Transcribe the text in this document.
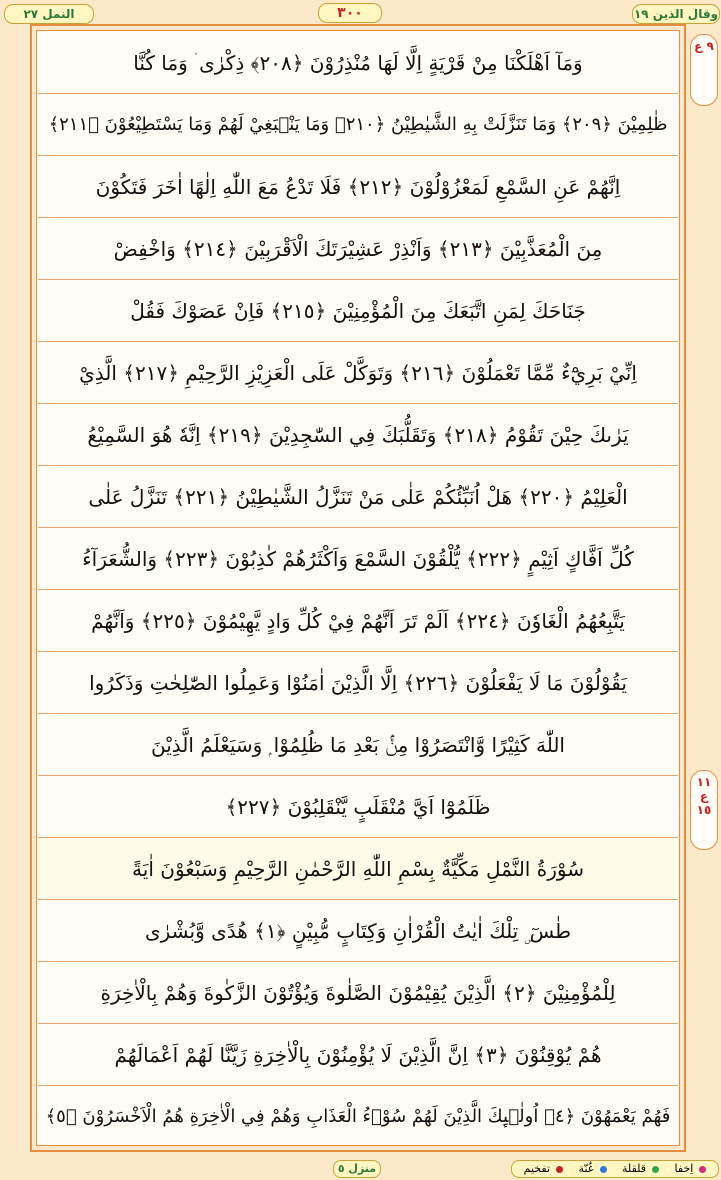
النمل ٢٧	٣٠٠	وقال الذين ١٩
٩ ع
١١ ع ١٥
وَمَآ اَهْلَكْنَا مِنْ قَرْيَةٍ اِلَّا لَهَا مُنْذِرُوْنَ ﴿٢٠٨﴾ ذِكْرٰى ۛ وَمَا كُنَّا
ظٰلِمِيْنَ ﴿٢٠٩﴾ وَمَا تَنَزَّلَتْ بِهِ الشَّيٰطِيْنُ ﴿٢١٠﴾ وَمَا يَنْۢبَغِيْ لَهُمْ وَمَا يَسْتَطِيْعُوْنَ ﴿٢١١﴾
اِنَّهُمْ عَنِ السَّمْعِ لَمَعْزُوْلُوْنَ ﴿٢١٢﴾ فَلَا تَدْعُ مَعَ اللّٰهِ اِلٰهًا اٰخَرَ فَتَكُوْنَ
مِنَ الْمُعَذَّبِيْنَ ﴿٢١٣﴾ وَاَنْذِرْ عَشِيْرَتَكَ الْاَقْرَبِيْنَ ﴿٢١٤﴾ وَاخْفِضْ
جَنَاحَكَ لِمَنِ اتَّبَعَكَ مِنَ الْمُؤْمِنِيْنَ ﴿٢١٥﴾ فَاِنْ عَصَوْكَ فَقُلْ
اِنِّيْ بَرِيْٓءٌ مِّمَّا تَعْمَلُوْنَ ﴿٢١٦﴾ وَتَوَكَّلْ عَلَى الْعَزِيْزِ الرَّحِيْمِ ﴿٢١٧﴾ الَّذِيْ
يَرٰىكَ حِيْنَ تَقُوْمُ ﴿٢١٨﴾ وَتَقَلُّبَكَ فِي السّٰجِدِيْنَ ﴿٢١٩﴾ اِنَّهٗ هُوَ السَّمِيْعُ
الْعَلِيْمُ ﴿٢٢٠﴾ هَلْ اُنَبِّئُكُمْ عَلٰى مَنْ تَنَزَّلُ الشَّيٰطِيْنُ ﴿٢٢١﴾ تَنَزَّلُ عَلٰى
كُلِّ اَفَّاكٍ اَثِيْمٍ ﴿٢٢٢﴾ يُّلْقُوْنَ السَّمْعَ وَاَكْثَرُهُمْ كٰذِبُوْنَ ﴿٢٢٣﴾ وَالشُّعَرَآءُ
يَتَّبِعُهُمُ الْغَاوٗنَ ﴿٢٢٤﴾ اَلَمْ تَرَ اَنَّهُمْ فِيْ كُلِّ وَادٍ يَّهِيْمُوْنَ ﴿٢٢٥﴾ وَاَنَّهُمْ
يَقُوْلُوْنَ مَا لَا يَفْعَلُوْنَ ﴿٢٢٦﴾ اِلَّا الَّذِيْنَ اٰمَنُوْا وَعَمِلُوا الصّٰلِحٰتِ وَذَكَرُوا
اللّٰهَ كَثِيْرًا وَّانْتَصَرُوْا مِنْۢ بَعْدِ مَا ظُلِمُوْا ۭ وَسَيَعْلَمُ الَّذِيْنَ
ظَلَمُوْٓا اَيَّ مُنْقَلَبٍ يَّنْقَلِبُوْنَ ﴿٢٢٧﴾
سُوْرَةُ النَّمْلِ مَكِّيَّةٌ بِسْمِ اللّٰهِ الرَّحْمٰنِ الرَّحِيْمِ وَسَبْعُوْنَ اٰيَةً
طٰسٓ ۣ تِلْكَ اٰيٰتُ الْقُرْاٰنِ وَكِتَابٍ مُّبِيْنٍ ﴿١﴾ هُدًى وَّبُشْرٰى
لِلْمُؤْمِنِيْنَ ﴿٢﴾ الَّذِيْنَ يُقِيْمُوْنَ الصَّلٰوةَ وَيُؤْتُوْنَ الزَّكٰوةَ وَهُمْ بِالْاٰخِرَةِ
هُمْ يُوْقِنُوْنَ ﴿٣﴾ اِنَّ الَّذِيْنَ لَا يُؤْمِنُوْنَ بِالْاٰخِرَةِ زَيَّنَّا لَهُمْ اَعْمَالَهُمْ
فَهُمْ يَعْمَهُوْنَ ﴿٤﴾ اُولٰۗىِٕكَ الَّذِيْنَ لَهُمْ سُوْۗءُ الْعَذَابِ وَهُمْ فِي الْاٰخِرَةِ هُمُ الْاَخْسَرُوْنَ ﴿٥﴾
منزل ٥	اِخفا قلقلة غُنّة تفخیم
